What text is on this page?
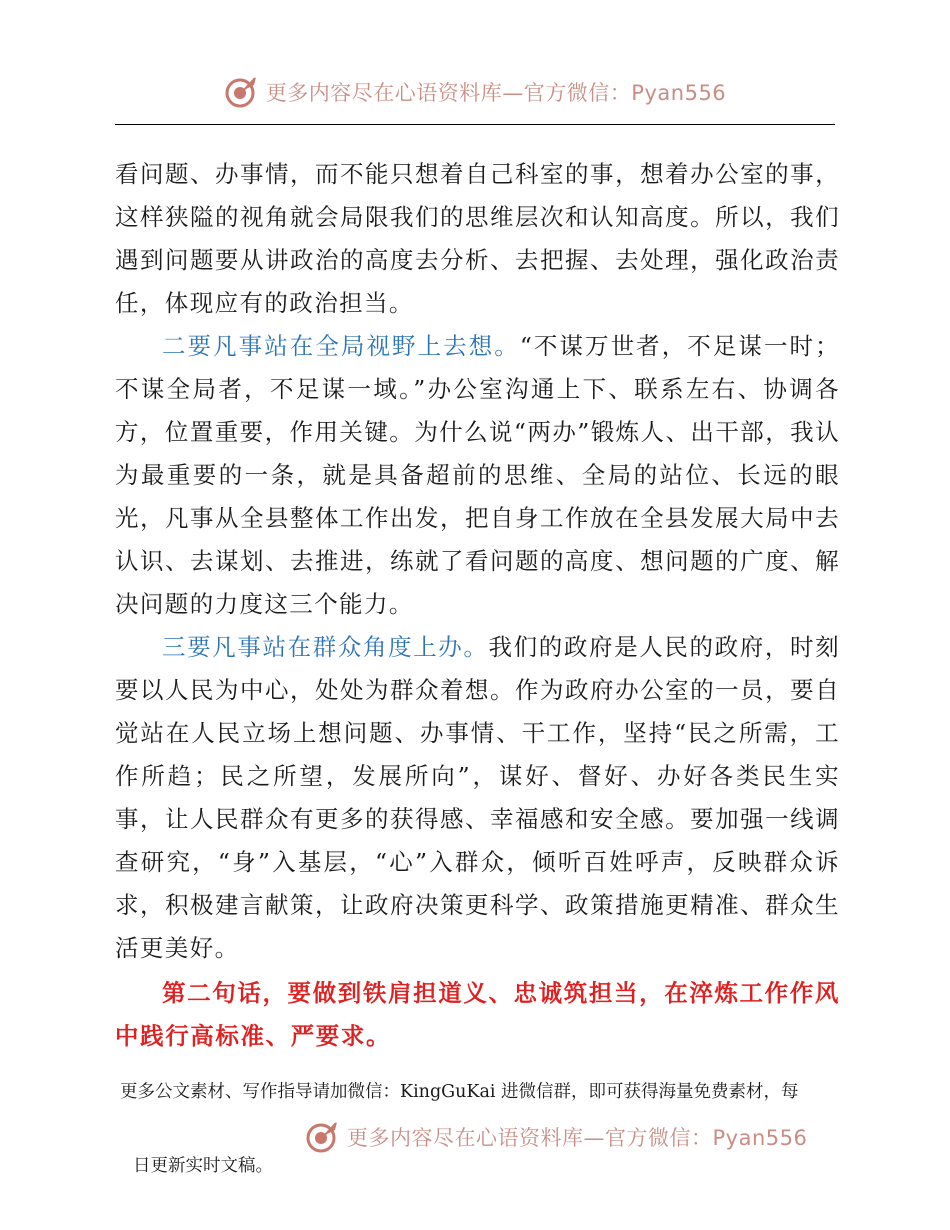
更多内容尽在心语资料库—官方微信：Pyan556

看问题、办事情，而不能只想着自己科室的事，想着办公室的事，这样狭隘的视角就会局限我们的思维层次和认知高度。所以，我们遇到问题要从讲政治的高度去分析、去把握、去处理，强化政治责任，体现应有的政治担当。

二要凡事站在全局视野上去想。“不谋万世者，不足谋一时；不谋全局者，不足谋一域。”办公室沟通上下、联系左右、协调各方，位置重要，作用关键。为什么说“两办”锻炼人、出干部，我认为最重要的一条，就是具备超前的思维、全局的站位、长远的眼光，凡事从全县整体工作出发，把自身工作放在全县发展大局中去认识、去谋划、去推进，练就了看问题的高度、想问题的广度、解决问题的力度这三个能力。

三要凡事站在群众角度上办。我们的政府是人民的政府，时刻要以人民为中心，处处为群众着想。作为政府办公室的一员，要自觉站在人民立场上想问题、办事情、干工作，坚持“民之所需，工作所趋；民之所望，发展所向”，谋好、督好、办好各类民生实事，让人民群众有更多的获得感、幸福感和安全感。要加强一线调查研究，“身”入基层，“心”入群众，倾听百姓呼声，反映群众诉求，积极建言献策，让政府决策更科学、政策措施更精准、群众生活更美好。

第二句话，要做到铁肩担道义、忠诚筑担当，在淬炼工作作风中践行高标准、严要求。

更多公文素材、写作指导请加微信：KingGuKai 进微信群，即可获得海量免费素材，每
更多内容尽在心语资料库—官方微信：Pyan556
日更新实时文稿。
